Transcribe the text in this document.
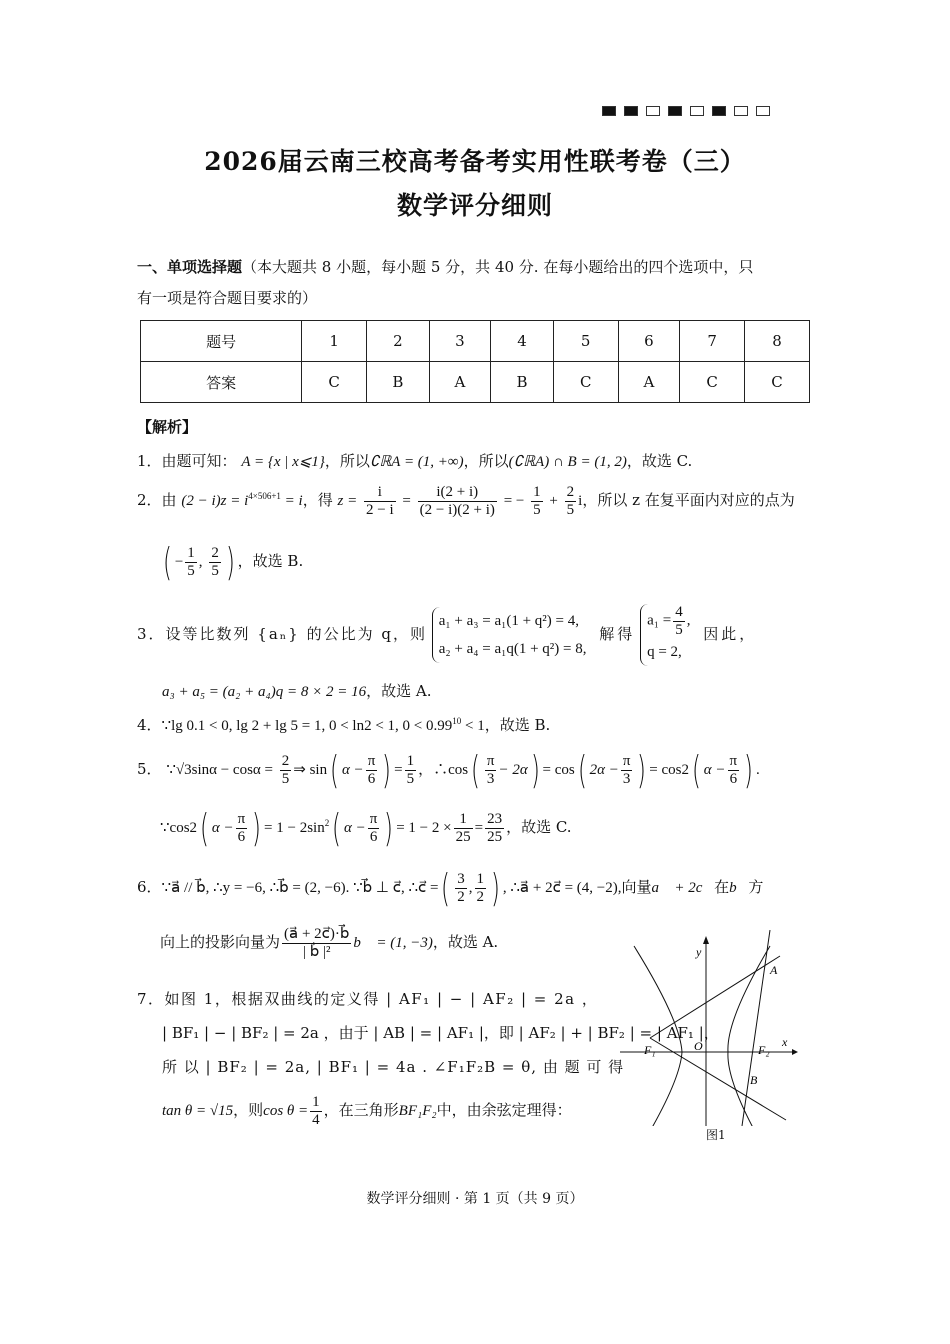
2026届云南三校高考备考实用性联考卷（三）
数学评分细则
一、单项选择题（本大题共 8 小题，每小题 5 分，共 40 分. 在每小题给出的四个选项中，只
有一项是符合题目要求的）
题号	1	2	3	4	5	6	7	8
答案	C	B	A	B	C	A	C	C
【解析】
1．由题可知： A = {x | x⩽1}，所以∁ℝA = (1, +∞)，所以(∁ℝA) ∩ B = (1, 2)，故选 C.
2．由 $(2 - i)z = i^{4\times 506+1} = i$，得 $z = \frac{i}{2 - i} = \frac{i(2 + i)}{(2 - i)(2 + i)}$ = − $\frac{1}{5} + \frac{2}{5}$ i，所以 z 在复平面内对应的点为
( − $\frac{1}{5}$ , $\frac{2}{5}$ ) ，故选 B.
3．设等比数列 {aₙ} 的公比为 q，则 a₁ + a₃ = a₁(1 + q²) = 4,
a₂ + a₄ = a₁q(1 + q²) = 8, 解得 $a_1 = \frac{4}{5}$ ,
q = 2, 因此，
a₃ + a₅ = (a₂ + a₄)q = 8 × 2 = 16，故选 A.
4．∵lg 0.1 < 0, lg 2 + lg 5 = 1, 0 < ln2 < 1, $0 < 0.99^{10} < 1$，故选 B.
5． ∵√3sinα − $\cos\alpha = \frac{2}{5}$ ⇒ sin( $\alpha - \frac{\pi}{6}$ ) = $\frac{1}{5}$ ，∴cos( $\frac{\pi}{3} - 2\alpha) = \cos$( $2\alpha - \frac{\pi}{3}$ ) = cos2( $\alpha - \frac{\pi}{6}$ ) .
∵cos2( $\alpha - \frac{\pi}{6}$ ) = $1 - 2\sin^2$( $\alpha - \frac{\pi}{6}$ ) = $1 - 2 \times \frac{1}{25} = \frac{23}{25}$ ，故选 C.
6．∵a⃗ // b⃗, ∴y = −6, ∴b⃗ = (2, −6). ∵b⃗ ⊥ c⃗, ∴c⃗ =( $\frac{3}{2}$ , $\frac{1}{2}$ ) , ∴a⃗ + 2c⃗ = (4, −2),向量a⃗ + 2c⃗在b⃗方
向上的投影向量为 $\frac{(a⃗ + 2c⃗)\cdot b⃗}{\text{| b⃗ |²}}$ b⃗ = (1, −3)，故选 A.
7．如图 1，根据双曲线的定义得 | AF₁ | − | AF₂ | = 2a ，
| BF₁ | − | BF₂ | = 2a ，由于 | AB | = | AF₁ |，即 | AF₂ | + | BF₂ | = | AF₁ |，
所 以 | BF₂ | = 2a, | BF₁ | = 4a . ∠F₁F₂B = θ, 由 题 可 得
tan θ = √15，则$\cos \theta = \frac{1}{4}$ ，在三角形BF₁F₂中，由余弦定理得：
y
x
A
B
F₁	F₂
O
图1
数学评分细则 · 第 1 页（共 9 页）
